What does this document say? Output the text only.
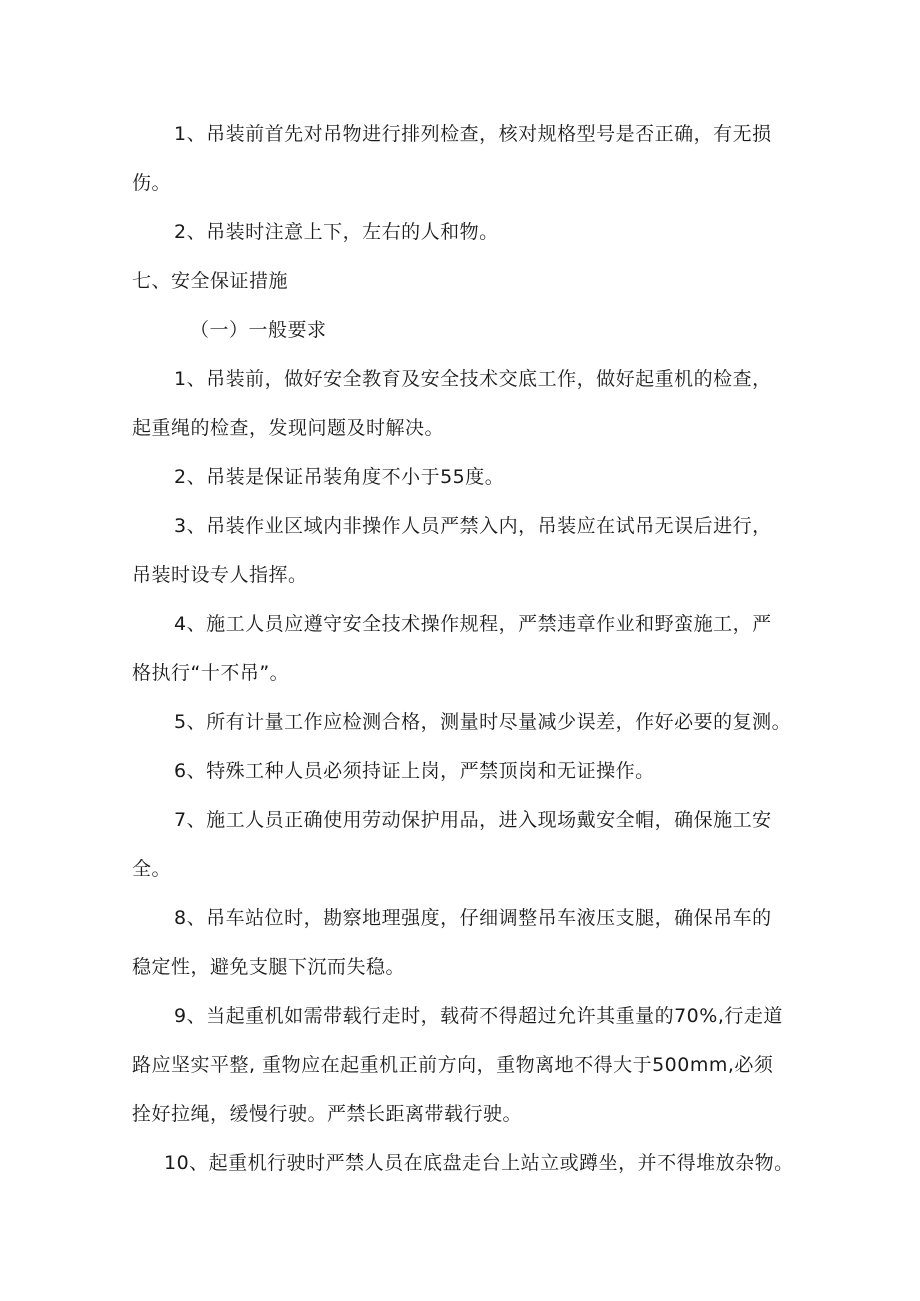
1、吊装前首先对吊物进行排列检查，核对规格型号是否正确，有无损
伤。
2、吊装时注意上下，左右的人和物。
七、安全保证措施
（一）一般要求
1、吊装前，做好安全教育及安全技术交底工作，做好起重机的检查，
起重绳的检查，发现问题及时解决。
2、吊装是保证吊装角度不小于55度。
3、吊装作业区域内非操作人员严禁入内，吊装应在试吊无误后进行，
吊装时设专人指挥。
4、施工人员应遵守安全技术操作规程，严禁违章作业和野蛮施工，严
格执行“十不吊”。
5、所有计量工作应检测合格，测量时尽量减少误差，作好必要的复测。
6、特殊工种人员必须持证上岗，严禁顶岗和无证操作。
7、施工人员正确使用劳动保护用品，进入现场戴安全帽，确保施工安
全。
8、吊车站位时，勘察地理强度，仔细调整吊车液压支腿，确保吊车的
稳定性，避免支腿下沉而失稳。
9、当起重机如需带载行走时，载荷不得超过允许其重量的70%,行走道
路应坚实平整, 重物应在起重机正前方向，重物离地不得大于500mm,必须
拴好拉绳，缓慢行驶。严禁长距离带载行驶。
10、起重机行驶时严禁人员在底盘走台上站立或蹲坐，并不得堆放杂物。
